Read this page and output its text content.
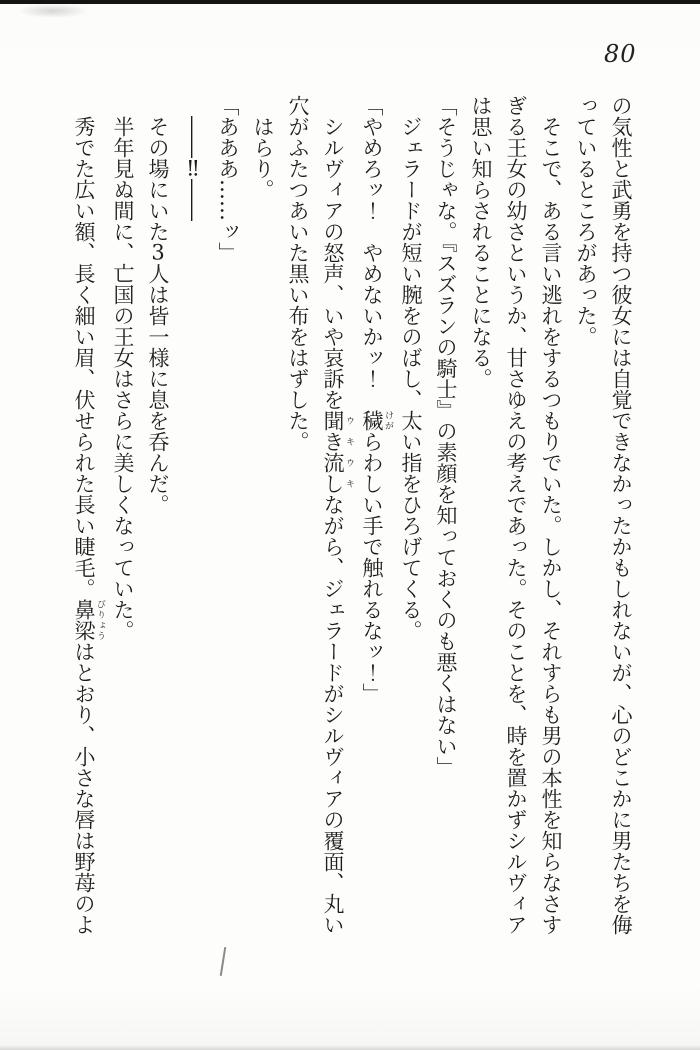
80

の気性と武勇を持つ彼女には自覚できなかったかもしれないが、心のどこかに男たちを侮っているところがあった。

そこで、ある言い逃れをするつもりでいた。しかし、それすらも男の本性を知らなさすぎる王女の幼さというか、甘さゆえの考えであった。そのことを、時を置かずシルヴィアは思い知らされることになる。

「そうじゃな。『スズランの騎士』の素顔を知っておくのも悪くはない」

ジェラードが短い腕をのばし、太い指をひろげてくる。

「やめろッ！　やめないかッ！　穢 けがらわしい手で触れるなッ！」

シルヴィアの怒声、いや哀訴を聞き流し ウキウキながら、ジェラードがシルヴィアの覆面、丸い穴がふたつあいた黒い布をはずした。

はらり。

「あああ……ッ」

――‼――

その場にいた3人は皆一様に息を呑んだ。

半年見ぬ間に、亡国の王女はさらに美しくなっていた。

秀でた広い額、長く細い眉、伏せられた長い睫毛。鼻梁 びりょうはとおり、小さな唇は野苺のよ
